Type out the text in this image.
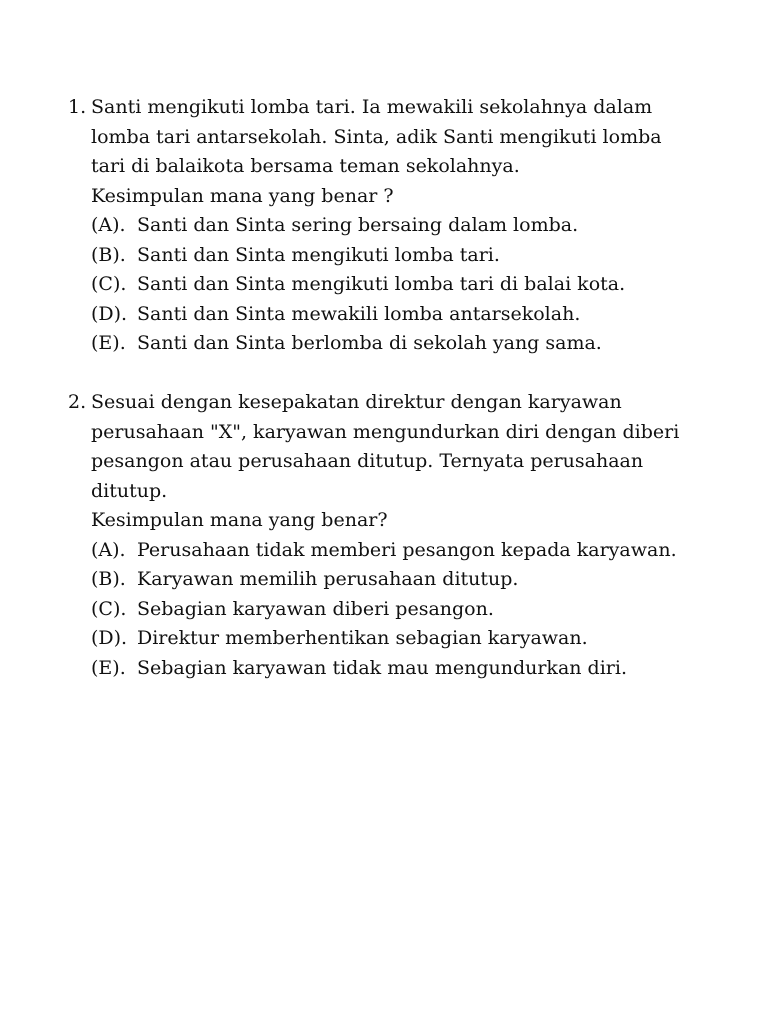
1. Santi mengikuti lomba tari. Ia mewakili sekolahnya dalam
lomba tari antarsekolah. Sinta, adik Santi mengikuti lomba
tari di balaikota bersama teman sekolahnya.
Kesimpulan mana yang benar ?
(A). Santi dan Sinta sering bersaing dalam lomba.
(B). Santi dan Sinta mengikuti lomba tari.
(C). Santi dan Sinta mengikuti lomba tari di balai kota.
(D). Santi dan Sinta mewakili lomba antarsekolah.
(E). Santi dan Sinta berlomba di sekolah yang sama.
2. Sesuai dengan kesepakatan direktur dengan karyawan
perusahaan "X", karyawan mengundurkan diri dengan diberi
pesangon atau perusahaan ditutup. Ternyata perusahaan
ditutup.
Kesimpulan mana yang benar?
(A). Perusahaan tidak memberi pesangon kepada karyawan.
(B). Karyawan memilih perusahaan ditutup.
(C). Sebagian karyawan diberi pesangon.
(D). Direktur memberhentikan sebagian karyawan.
(E). Sebagian karyawan tidak mau mengundurkan diri.
